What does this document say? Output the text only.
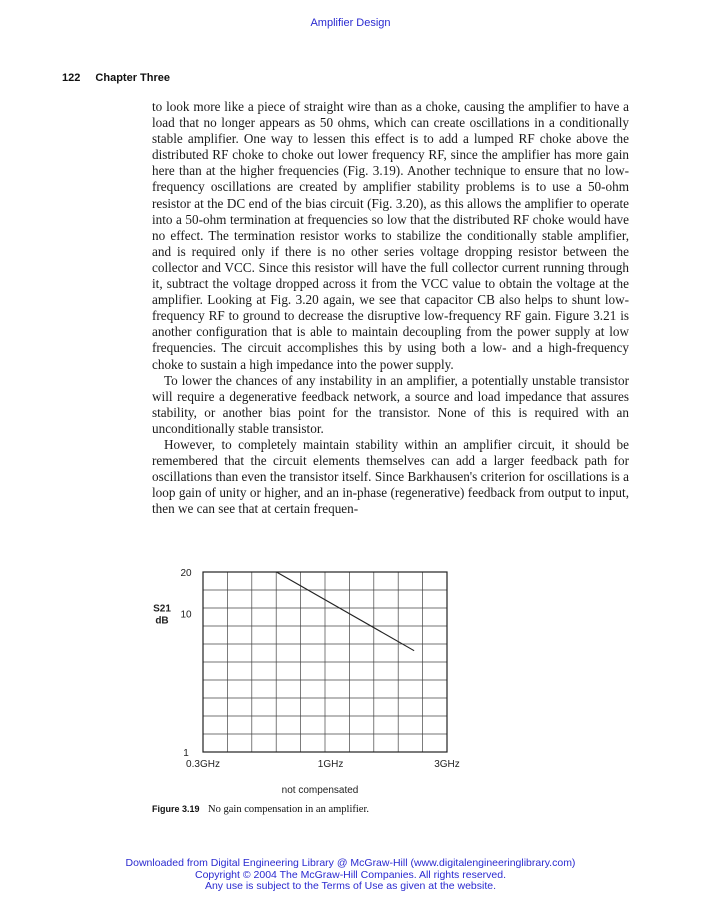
Amplifier Design
122 Chapter Three

to look more like a piece of straight wire than as a choke, causing the amplifier to have a load that no longer appears as 50 ohms, which can create oscillations in a conditionally stable amplifier. One way to lessen this effect is to add a lumped RF choke above the distributed RF choke to choke out lower frequency RF, since the amplifier has more gain here than at the higher frequencies (Fig. 3.19). Another technique to ensure that no low-frequency oscillations are created by amplifier stability problems is to use a 50-ohm resistor at the DC end of the bias circuit (Fig. 3.20), as this allows the amplifier to operate into a 50-ohm termination at frequencies so low that the distributed RF choke would have no effect. The termination resistor works to stabilize the conditionally stable amplifier, and is required only if there is no other series voltage dropping resistor between the collector and VCC. Since this resistor will have the full collector current running through it, subtract the voltage dropped across it from the VCC value to obtain the voltage at the amplifier. Looking at Fig. 3.20 again, we see that capacitor CB also helps to shunt low-frequency RF to ground to decrease the disruptive low-frequency RF gain. Figure 3.21 is another configuration that is able to maintain decoupling from the power supply at low frequencies. The circuit accomplishes this by using both a low- and a high-frequency choke to sustain a high impedance into the power supply.

To lower the chances of any instability in an amplifier, a potentially unstable transistor will require a degenerative feedback network, a source and load impedance that assures stability, or another bias point for the transistor. None of this is required with an unconditionally stable transistor.

However, to completely maintain stability within an amplifier circuit, it should be remembered that the circuit elements themselves can add a larger feedback path for oscillations than even the transistor itself. Since Barkhausen's criterion for oscillations is a loop gain of unity or higher, and an in-phase (regenerative) feedback from output to input, then we can see that at certain frequen-

20
10
1
0.3GHz	1GHz	3GHz
S21
dB
not compensated
Figure 3.19 No gain compensation in an amplifier.
Downloaded from Digital Engineering Library @ McGraw-Hill (www.digitalengineeringlibrary.com)
Copyright © 2004 The McGraw-Hill Companies. All rights reserved.
Any use is subject to the Terms of Use as given at the website.
